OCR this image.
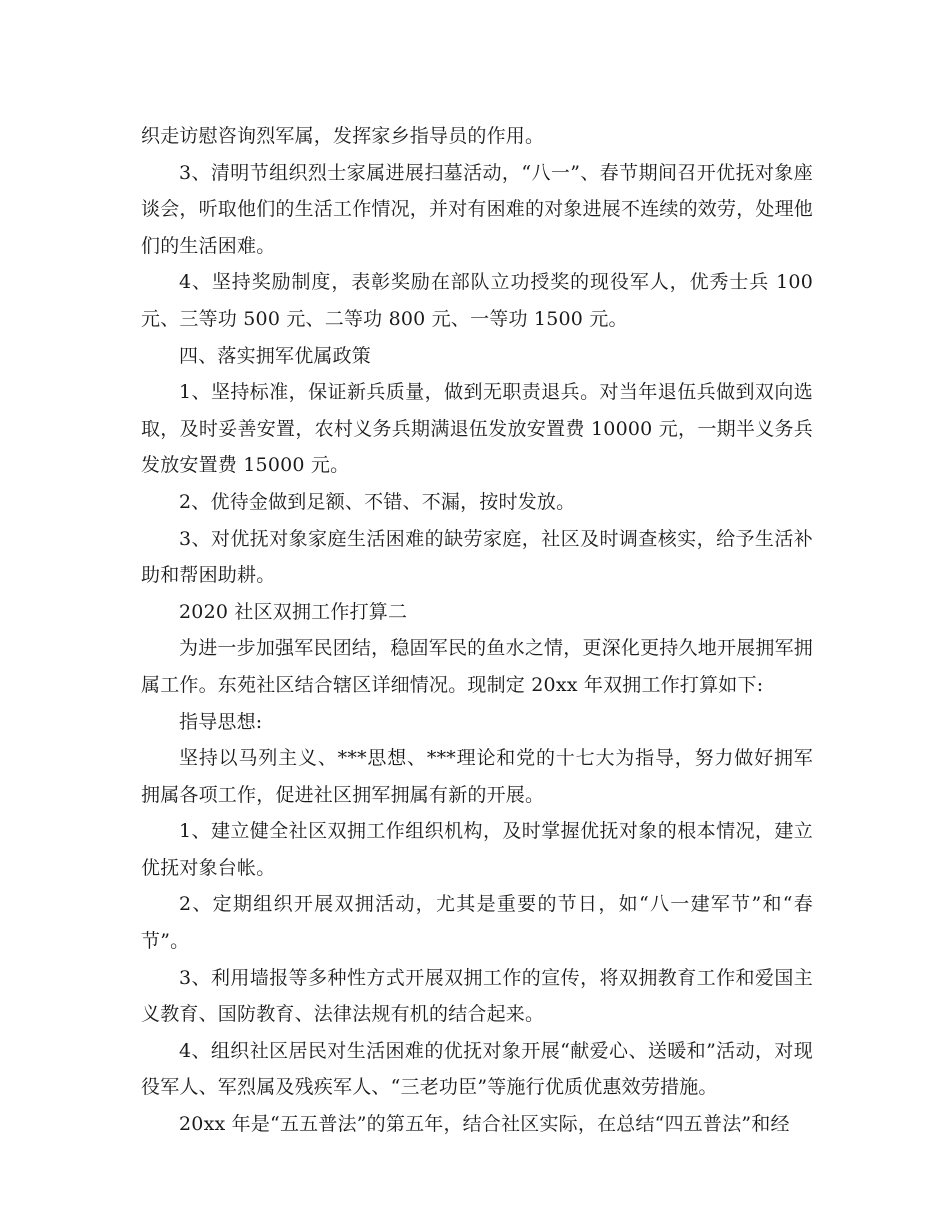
织走访慰咨询烈军属，发挥家乡指导员的作用。

3、清明节组织烈士家属进展扫墓活动，“八一”、春节期间召开优抚对象座谈会，听取他们的生活工作情况，并对有困难的对象进展不连续的效劳，处理他们的生活困难。

4、坚持奖励制度，表彰奖励在部队立功授奖的现役军人，优秀士兵 100 元、三等功 500 元、二等功 800 元、一等功 1500 元。

四、落实拥军优属政策

1、坚持标准，保证新兵质量，做到无职责退兵。对当年退伍兵做到双向选取，及时妥善安置，农村义务兵期满退伍发放安置费 10000 元，一期半义务兵发放安置费 15000 元。

2、优待金做到足额、不错、不漏，按时发放。

3、对优抚对象家庭生活困难的缺劳家庭，社区及时调查核实，给予生活补助和帮困助耕。

2020 社区双拥工作打算二

为进一步加强军民团结，稳固军民的鱼水之情，更深化更持久地开展拥军拥属工作。东苑社区结合辖区详细情况。现制定 20xx 年双拥工作打算如下:

指导思想:

坚持以马列主义、***思想、***理论和党的十七大为指导，努力做好拥军拥属各项工作，促进社区拥军拥属有新的开展。

1、建立健全社区双拥工作组织机构，及时掌握优抚对象的根本情况，建立优抚对象台帐。

2、定期组织开展双拥活动，尤其是重要的节日，如“八一建军节”和“春节”。

3、利用墙报等多种性方式开展双拥工作的宣传，将双拥教育工作和爱国主义教育、国防教育、法律法规有机的结合起来。

4、组织社区居民对生活困难的优抚对象开展“献爱心、送暖和”活动，对现役军人、军烈属及残疾军人、“三老功臣”等施行优质优惠效劳措施。

20xx 年是“五五普法”的第五年，结合社区实际，在总结“四五普法”和经
